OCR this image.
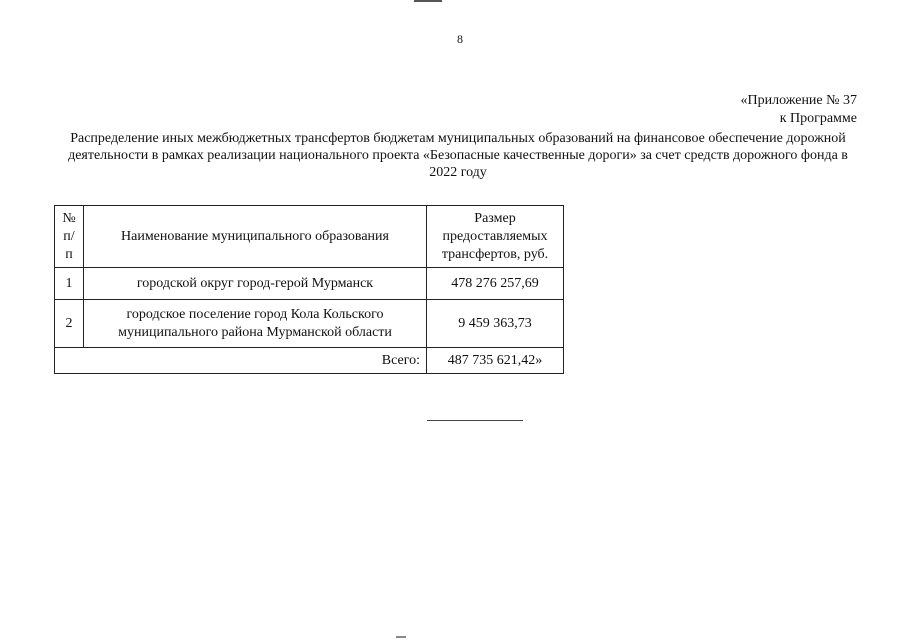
8
«Приложение № 37
к Программе
Распределение иных межбюджетных трансфертов бюджетам муниципальных образований на финансовое обеспечение дорожной деятельности в рамках реализации национального проекта «Безопасные качественные дороги» за счет средств дорожного фонда в 2022 году
№ п/п	Наименование муниципального образования	Размер предоставляемых трансфертов, руб.
1	городской округ город-герой Мурманск	478 276 257,69
2	городское поселение город Кола Кольского муниципального района Мурманской области	9 459 363,73
Всего:		487 735 621,42»
